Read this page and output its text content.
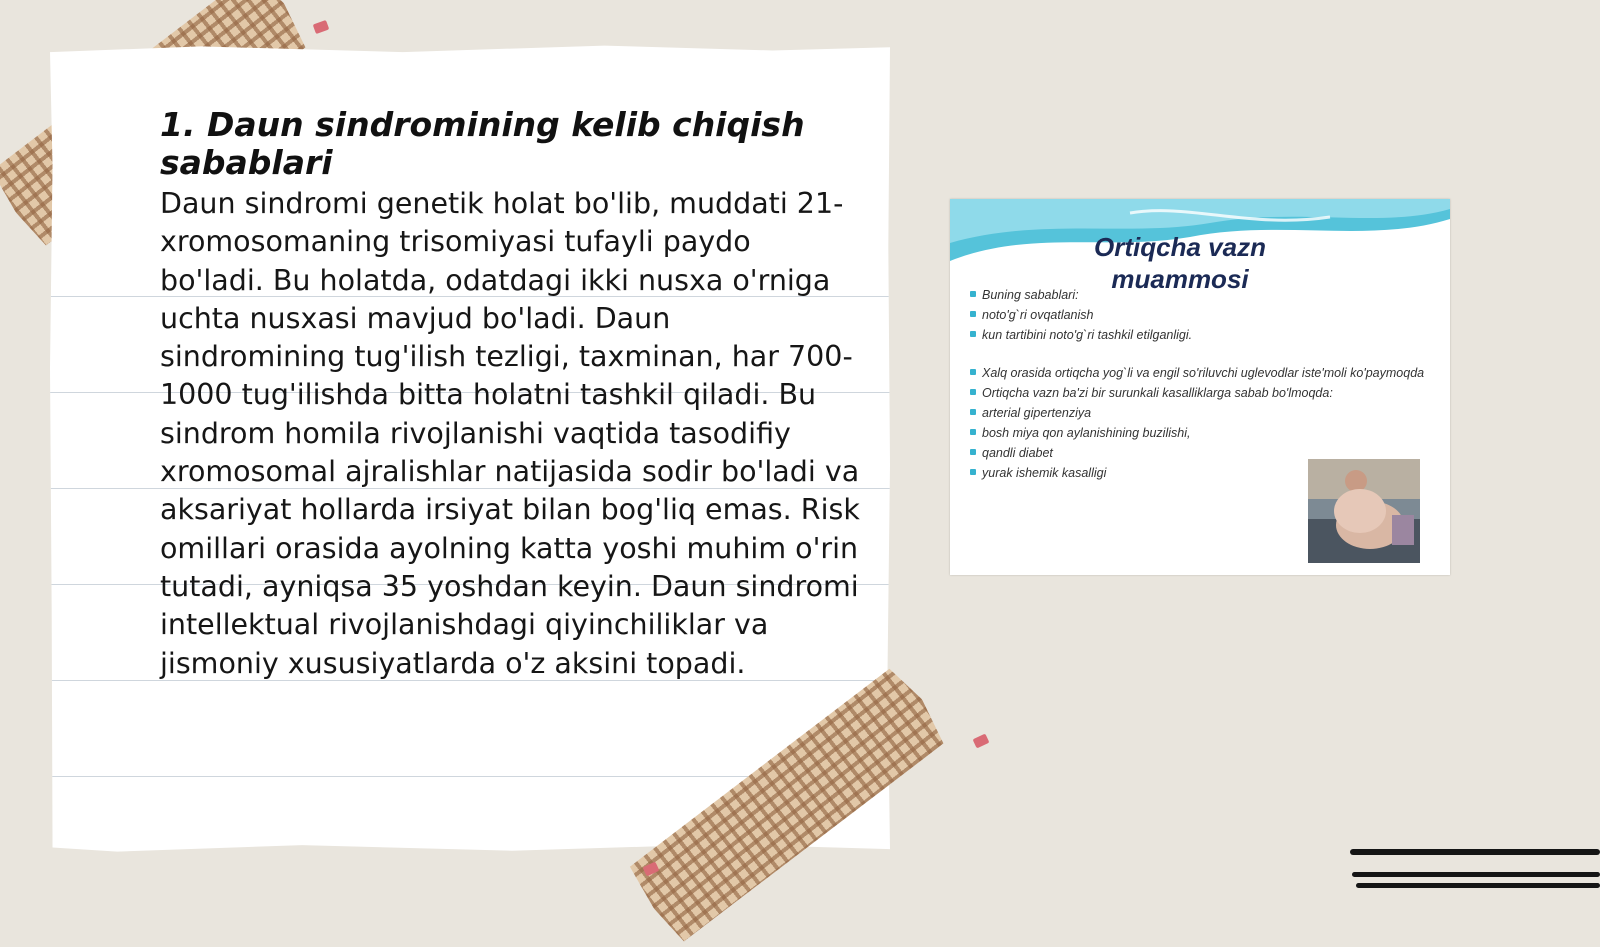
1. Daun sindromining kelib chiqish sabablari

Daun sindromi genetik holat bo'lib, muddati 21-xromosomaning trisomiyasi tufayli paydo bo'ladi. Bu holatda, odatdagi ikki nusxa o'rniga uchta nusxasi mavjud bo'ladi. Daun sindromining tug'ilish tezligi, taxminan, har 700-1000 tug'ilishda bitta holatni tashkil qiladi. Bu sindrom homila rivojlanishi vaqtida tasodifiy xromosomal ajralishlar natijasida sodir bo'ladi va aksariyat hollarda irsiyat bilan bog'liq emas. Risk omillari orasida ayolning katta yoshi muhim o'rin tutadi, ayniqsa 35 yoshdan keyin. Daun sindromi intellektual rivojlanishdagi qiyinchiliklar va jismoniy xususiyatlarda o'z aksini topadi.

Ortiqcha vazn muammosi
Buning sabablari:
noto'g`ri ovqatlanish
kun tartibini noto'g`ri tashkil etilganligi.
Xalq orasida ortiqcha yog`li va engil so'riluvchi uglevodlar iste'moli ko'paymoqda
Ortiqcha vazn ba'zi bir surunkali kasalliklarga sabab bo'lmoqda:
arterial gipertenziya
bosh miya qon aylanishining buzilishi,
qandli diabet
yurak ishemik kasalligi
